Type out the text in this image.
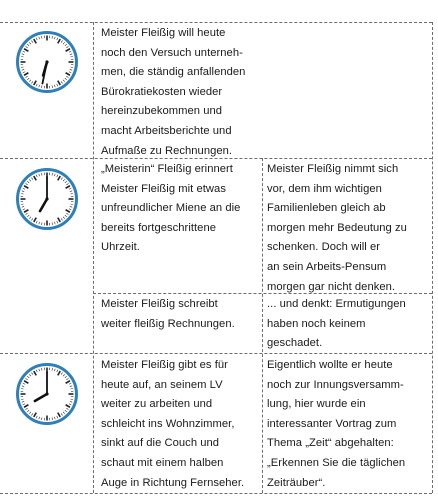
Meister Fleißig will heute
noch den Versuch unterneh-
men, die ständig anfallenden
Bürokratiekosten wieder
hereinzubekommen und
macht Arbeitsberichte und
Aufmaße zu Rechnungen.
„Meisterin“ Fleißig erinnert
Meister Fleißig mit etwas
unfreundlicher Miene an die
bereits fortgeschrittene
Uhrzeit.
Meister Fleißig nimmt sich
vor, dem ihm wichtigen
Familienleben gleich ab
morgen mehr Bedeutung zu
schenken. Doch will er
an sein Arbeits-Pensum
morgen gar nicht denken.
Meister Fleißig schreibt
weiter fleißig Rechnungen.
... und denkt: Ermutigungen
haben noch keinem
geschadet.
Meister Fleißig gibt es für
heute auf, an seinem LV
weiter zu arbeiten und
schleicht ins Wohnzimmer,
sinkt auf die Couch und
schaut mit einem halben
Auge in Richtung Fernseher.
Eigentlich wollte er heute
noch zur Innungsversamm-
lung, hier wurde ein
interessanter Vortrag zum
Thema „Zeit“ abgehalten:
„Erkennen Sie die täglichen
Zeiträuber“.
